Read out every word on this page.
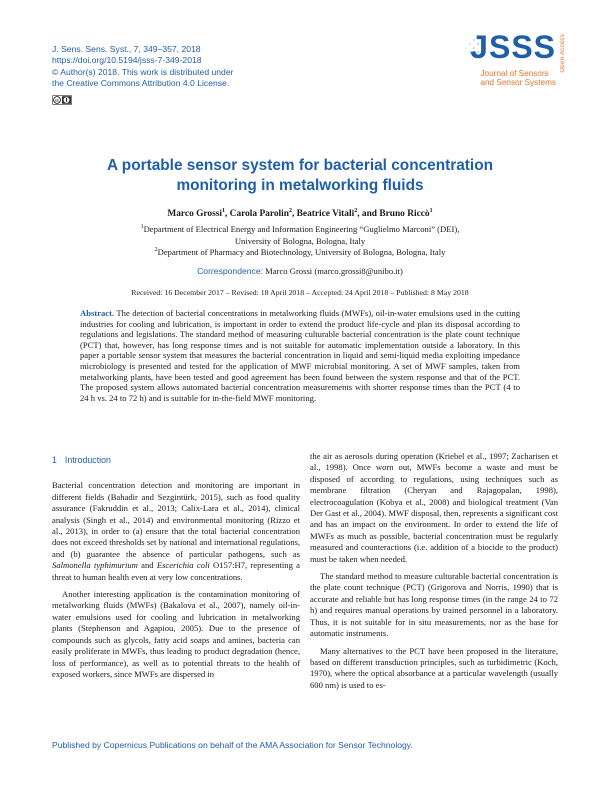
J. Sens. Sens. Syst., 7, 349–357, 2018
https://doi.org/10.5194/jsss-7-349-2018
© Author(s) 2018. This work is distributed under
the Creative Commons Attribution 4.0 License.
cc
JSSS Open Access
Journal of Sensors
and Sensor Systems
A portable sensor system for bacterial concentration
monitoring in metalworking fluids
Marco Grossi$^1$, Carola Parolin$^2$, Beatrice Vitali$^2$, and Bruno Riccò$^1$
$^1$Department of Electrical Energy and Information Engineering “Guglielmo Marconi” (DEI),
University of Bologna, Bologna, Italy
$^2$Department of Pharmacy and Biotechnology, University of Bologna, Bologna, Italy
Correspondence: Marco Grossi (marco.grossi8@unibo.it)
Received: 16 December 2017 – Revised: 18 April 2018 – Accepted: 24 April 2018 – Published: 8 May 2018
Abstract. The detection of bacterial concentrations in metalworking fluids (MWFs), oil-in-water emulsions used in the cutting industries for cooling and lubrication, is important in order to extend the product life-cycle and plan its disposal according to regulations and legislations. The standard method of measuring culturable bacterial concentration is the plate count technique (PCT) that, however, has long response times and is not suitable for automatic implementation outside a laboratory. In this paper a portable sensor system that measures the bacterial concentration in liquid and semi-liquid media exploiting impedance microbiology is presented and tested for the application of MWF microbial monitoring. A set of MWF samples, taken from metalworking plants, have been tested and good agreement has been found between the system response and that of the PCT. The proposed system allows automated bacterial concentration measurements with shorter response times than the PCT (4 to 24 h vs. 24 to 72 h) and is suitable for in-the-field MWF monitoring.
1 Introduction

Bacterial concentration detection and monitoring are important in different fields (Bahadir and Sezgintürk, 2015), such as food quality assurance (Fakruddin et al., 2013; Calix-Lara et al., 2014), clinical analysis (Singh et al., 2014) and environmental monitoring (Rizzo et al., 2013), in order to (a) ensure that the total bacterial concentration does not exceed thresholds set by national and international regulations, and (b) guarantee the absence of particular pathogens, such as Salmonella typhimurium and Escerichia coli O157:H7, representing a threat to human health even at very low concentrations.

Another interesting application is the contamination monitoring of metalworking fluids (MWFs) (Bakalova et al., 2007), namely oil-in-water emulsions used for cooling and lubrication in metalworking plants (Stephenson and Agapiou, 2005). Due to the presence of compounds such as glycols, fatty acid soaps and amines, bacteria can easily proliferate in MWFs, thus leading to product degradation (hence, loss of performance), as well as to potential threats to the health of exposed workers, since MWFs are dispersed in

the air as aerosols during operation (Kriebel et al., 1997; Zacharisen et al., 1998). Once worn out, MWFs become a waste and must be disposed of according to regulations, using techniques such as membrane filtration (Cheryan and Rajagopalan, 1998), electrocoagulation (Kobya et al., 2008) and biological treatment (Van Der Gast et al., 2004). MWF disposal, then, represents a significant cost and has an impact on the environment. In order to extend the life of MWFs as much as possible, bacterial concentration must be regularly measured and counteractions (i.e. addition of a biocide to the product) must be taken when needed.

The standard method to measure culturable bacterial concentration is the plate count technique (PCT) (Grigorova and Norris, 1990) that is accurate and reliable but has long response times (in the range 24 to 72 h) and requires manual operations by trained personnel in a laboratory. Thus, it is not suitable for in situ measurements, nor as the base for automatic instruments.

Many alternatives to the PCT have been proposed in the literature, based on different transduction principles, such as turbidimetric (Koch, 1970), where the optical absorbance at a particular wavelength (usually 600 nm) is used to es-

Published by Copernicus Publications on behalf of the AMA Association for Sensor Technology.
